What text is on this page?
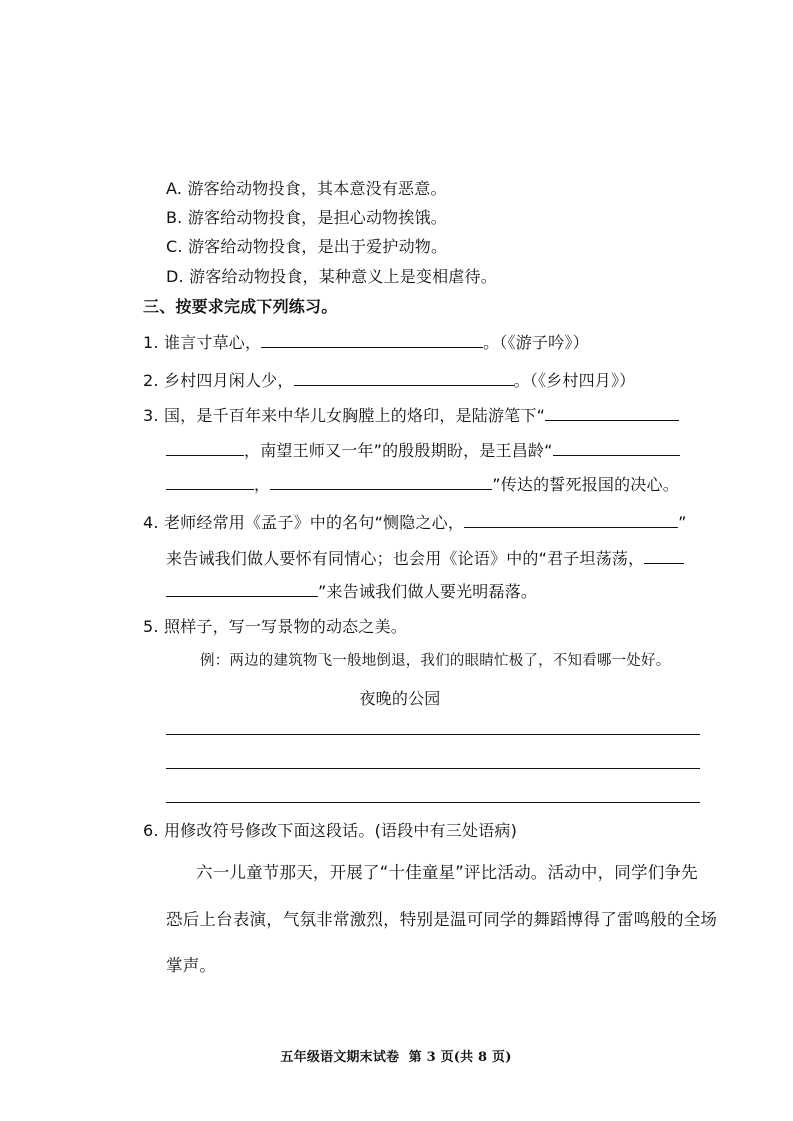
A. 游客给动物投食，其本意没有恶意。
B. 游客给动物投食，是担心动物挨饿。
C. 游客给动物投食，是出于爱护动物。
D. 游客给动物投食，某种意义上是变相虐待。
三、按要求完成下列练习。
1. 谁言寸草心，	。（《游子吟》）
2. 乡村四月闲人少，	。（《乡村四月》）
3. 国，是千百年来中华儿女胸膛上的烙印，是陆游笔下“
，南望王师又一年”的殷殷期盼，是王昌龄“
，	”传达的誓死报国的决心。
4. 老师经常用《孟子》中的名句“恻隐之心，	”
来告诫我们做人要怀有同情心；也会用《论语》中的“君子坦荡荡，
”来告诫我们做人要光明磊落。
5. 照样子，写一写景物的动态之美。
例：两边的建筑物飞一般地倒退，我们的眼睛忙极了，不知看哪一处好。
夜晚的公园
6. 用修改符号修改下面这段话。(语段中有三处语病)
六一儿童节那天，开展了“十佳童星”评比活动。活动中，同学们争先
恐后上台表演，气氛非常激烈，特别是温可同学的舞蹈博得了雷鸣般的全场
掌声。
五年级语文期末试卷  第 3 页(共 8 页)
